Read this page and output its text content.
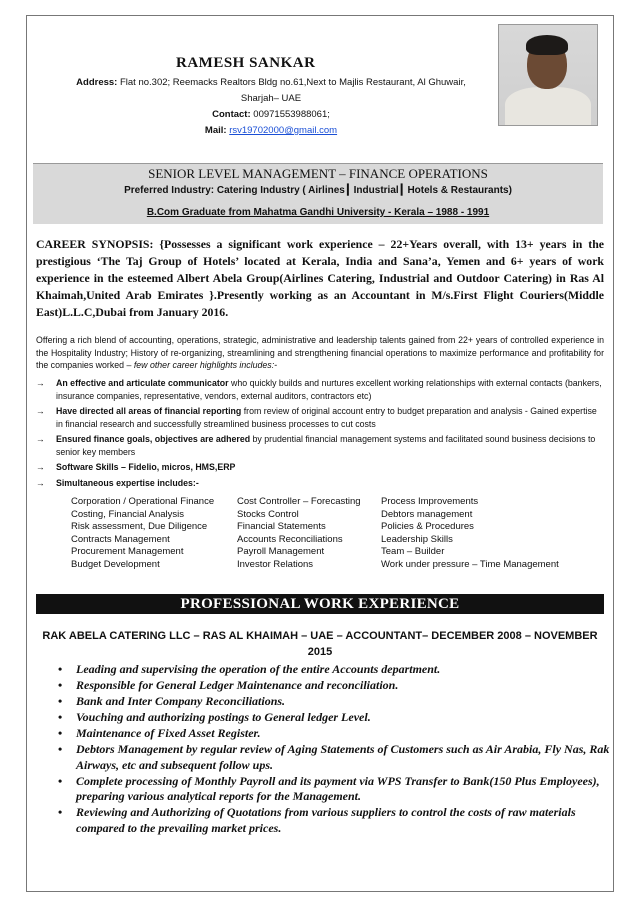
RAMESH SANKAR
Address: Flat no.302; Reemacks Realtors Bldg no.61,Next to Majlis Restaurant, Al Ghuwair,
Sharjah– UAE
Contact: 00971553988061;
Mail: rsv19702000@gmail.com
SENIOR LEVEL MANAGEMENT – FINANCE OPERATIONS
Preferred Industry: Catering Industry ( Airlines┃ Industrial┃ Hotels & Restaurants)
B.Com Graduate from Mahatma Gandhi University - Kerala – 1988 - 1991
CAREER SYNOPSIS: {Possesses a significant work experience – 22+Years overall, with 13+ years in the prestigious ‘The Taj Group of Hotels’ located at Kerala, India and Sana’a, Yemen and 6+ years of work experience in the esteemed Albert Abela Group(Airlines Catering, Industrial and Outdoor Catering) in Ras Al Khaimah,United Arab Emirates }.Presently working as an Accountant in M/s.First Flight Couriers(Middle East)L.L.C,Dubai from January 2016.
Offering a rich blend of accounting, operations, strategic, administrative and leadership talents gained from 22+ years of controlled experience in the Hospitality Industry; History of re-organizing, streamlining and strengthening financial operations to maximize performance and profitability for the companies worked – few other career highlights includes:-
→ An effective and articulate communicator who quickly builds and nurtures excellent working relationships with external contacts (bankers, insurance companies, representative, vendors, external auditors, contractors etc)
→ Have directed all areas of financial reporting from review of original account entry to budget preparation and analysis - Gained expertise in financial research and successfully streamlined business processes to cut costs
→ Ensured finance goals, objectives are adhered by prudential financial management systems and facilitated sound business decisions to senior key members
→ Software Skills – Fidelio, micros, HMS,ERP
→ Simultaneous expertise includes:-
Corporation / Operational Finance	Cost Controller – Forecasting	Process Improvements
Costing, Financial Analysis	Stocks Control	Debtors management
Risk assessment, Due Diligence	Financial Statements	Policies & Procedures
Contracts Management	Accounts Reconciliations	Leadership Skills
Procurement Management	Payroll Management	Team – Builder
Budget Development	Investor Relations	Work under pressure – Time Management
PROFESSIONAL WORK EXPERIENCE
RAK ABELA CATERING LLC – RAS AL KHAIMAH – UAE – ACCOUNTANT– DECEMBER 2008 – NOVEMBER 2015
• Leading and supervising the operation of the entire Accounts department.
• Responsible for General Ledger Maintenance and reconciliation.
• Bank and Inter Company Reconciliations.
• Vouching and authorizing postings to General ledger Level.
• Maintenance of Fixed Asset Register.
• Debtors Management by regular review of Aging Statements of Customers such as Air Arabia, Fly Nas, Rak Airways, etc and subsequent follow ups.
• Complete processing of Monthly Payroll and its payment via WPS Transfer to Bank(150 Plus Employees), preparing various analytical reports for the Management.
• Reviewing and Authorizing of Quotations from various suppliers to control the costs of raw materials compared to the prevailing market prices.
